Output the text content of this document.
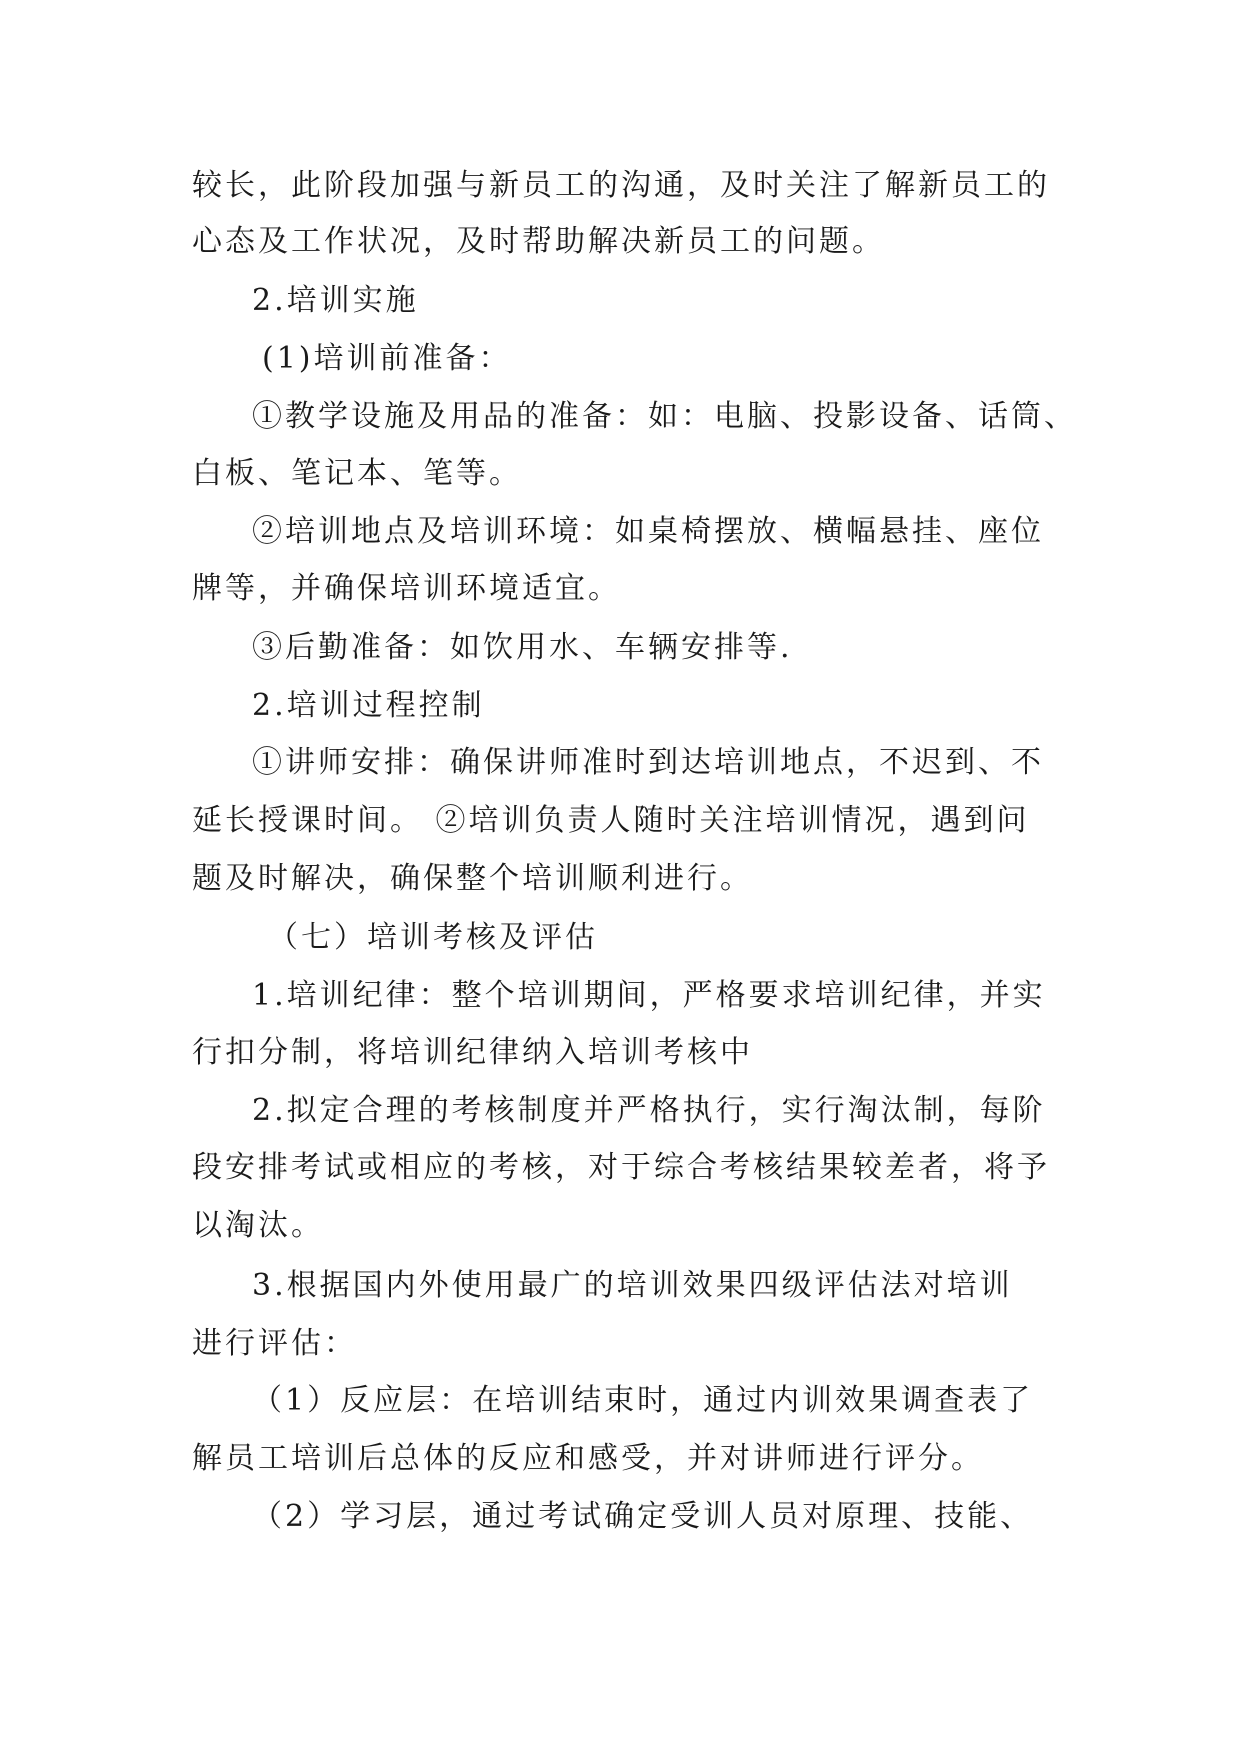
较长，此阶段加强与新员工的沟通，及时关注了解新员工的
心态及工作状况，及时帮助解决新员工的问题。
2.培训实施
(1)培训前准备：
①教学设施及用品的准备：如：电脑、投影设备、话筒、
白板、笔记本、笔等。
②培训地点及培训环境：如桌椅摆放、横幅悬挂、座位
牌等，并确保培训环境适宜。
③后勤准备：如饮用水、车辆安排等.
2.培训过程控制
①讲师安排：确保讲师准时到达培训地点，不迟到、不
延长授课时间。 ②培训负责人随时关注培训情况，遇到问
题及时解决，确保整个培训顺利进行。
（七）培训考核及评估
1.培训纪律：整个培训期间，严格要求培训纪律，并实
行扣分制，将培训纪律纳入培训考核中
2.拟定合理的考核制度并严格执行，实行淘汰制，每阶
段安排考试或相应的考核，对于综合考核结果较差者，将予
以淘汰。
3.根据国内外使用最广的培训效果四级评估法对培训
进行评估：
（1）反应层：在培训结束时，通过内训效果调查表了
解员工培训后总体的反应和感受，并对讲师进行评分。
（2）学习层，通过考试确定受训人员对原理、技能、
